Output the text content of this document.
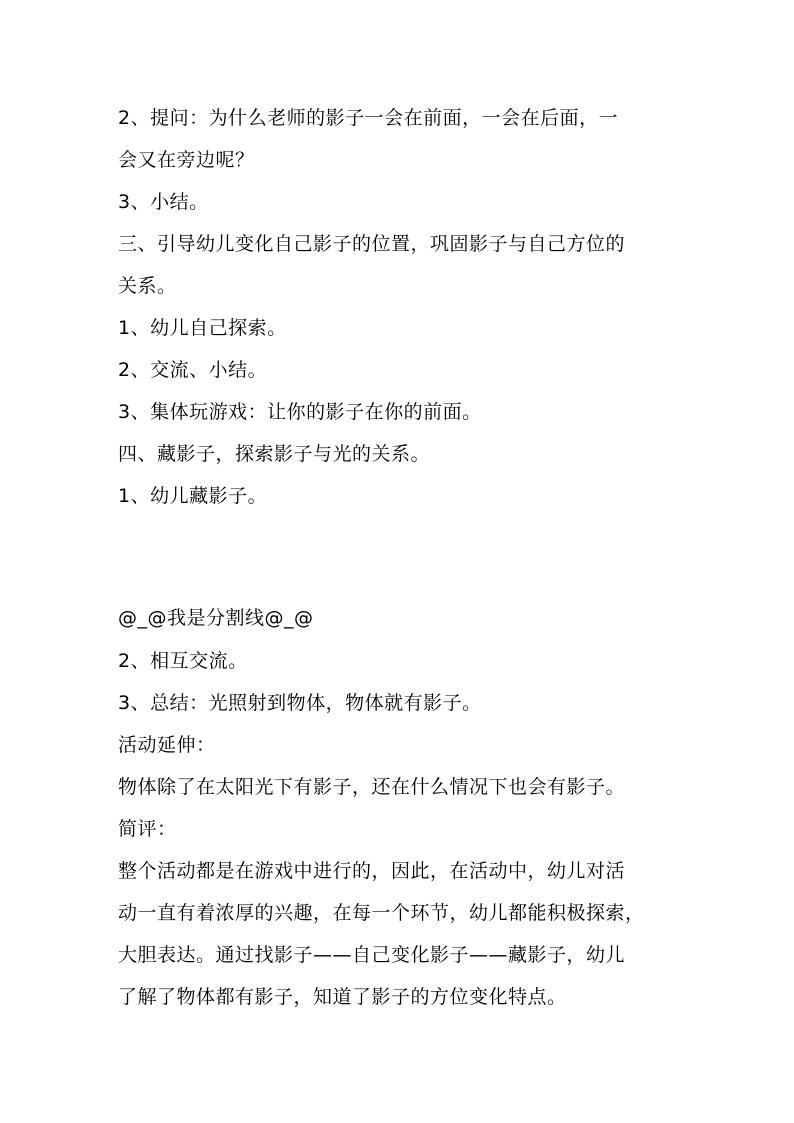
2、提问：为什么老师的影子一会在前面，一会在后面，一
会又在旁边呢？
3、小结。
三、引导幼儿变化自己影子的位置，巩固影子与自己方位的
关系。
1、幼儿自己探索。
2、交流、小结。
3、集体玩游戏：让你的影子在你的前面。
四、藏影子，探索影子与光的关系。
1、幼儿藏影子。
@_@我是分割线@_@
2、相互交流。
3、总结：光照射到物体，物体就有影子。
活动延伸：
物体除了在太阳光下有影子，还在什么情况下也会有影子。
简评：
整个活动都是在游戏中进行的，因此，在活动中，幼儿对活
动一直有着浓厚的兴趣，在每一个环节，幼儿都能积极探索，
大胆表达。通过找影子——自己变化影子——藏影子，幼儿
了解了物体都有影子，知道了影子的方位变化特点。
